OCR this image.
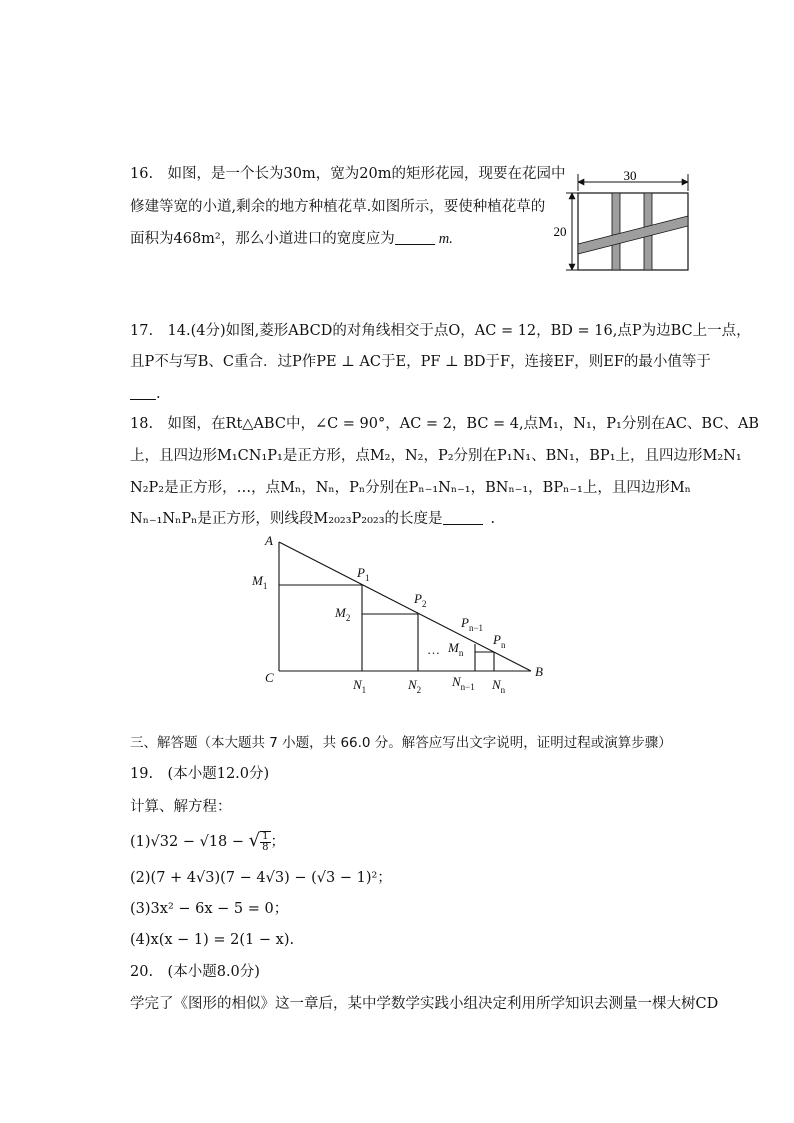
16.　如图，是一个长为30m，宽为20m的矩形花园，现要在花园中
修建等宽的小道,剩余的地方种植花草.如图所示，要使种植花草的
面积为468m²，那么小道进口的宽度应为	m.
30
20
17.　14.(4分)如图,菱形ABCD的对角线相交于点O，AC = 12，BD = 16,点P为边BC上一点，
且P不与写B、C重合．过P作PE ⊥ AC于E，PF ⊥ BD于F，连接EF，则EF的最小值等于
.
18.　如图，在Rt△ABC中，∠C = 90°，AC = 2，BC = 4,点M₁，N₁，P₁分别在AC、BC、AB
上，且四边形M₁CN₁P₁是正方形，点M₂，N₂，P₂分别在P₁N₁、BN₁，BP₁上，且四边形M₂N₁
N₂P₂是正方形，…，点Mₙ，Nₙ，Pₙ分别在Pₙ₋₁Nₙ₋₁，BNₙ₋₁，BPₙ₋₁上，且四边形Mₙ
Nₙ₋₁NₙPₙ是正方形，则线段M₂₀₂₃P₂₀₂₃的长度是	.
A
C	B
$M_1$
$M_2$
… $M_n$
$P_1$
$P_2$
$P_{n-1}$
$P_n$
$N_1$	$N_2$
$N_{n-1}$ $N_n$
三、解答题（本大题共 7 小题，共 66.0 分。解答应写出文字说明，证明过程或演算步骤）
19.　(本小题12.0分)
计算、解方程：
(1)√32 − √18 − √ $\frac{1}{8}$ ；
(2)(7 + 4√3)(7 − 4√3) − (√3 − 1)²；
(3)3x² − 6x − 5 = 0；
(4)x(x − 1) = 2(1 − x).
20.　(本小题8.0分)
学完了《图形的相似》这一章后，某中学数学实践小组决定利用所学知识去测量一棵大树CD
